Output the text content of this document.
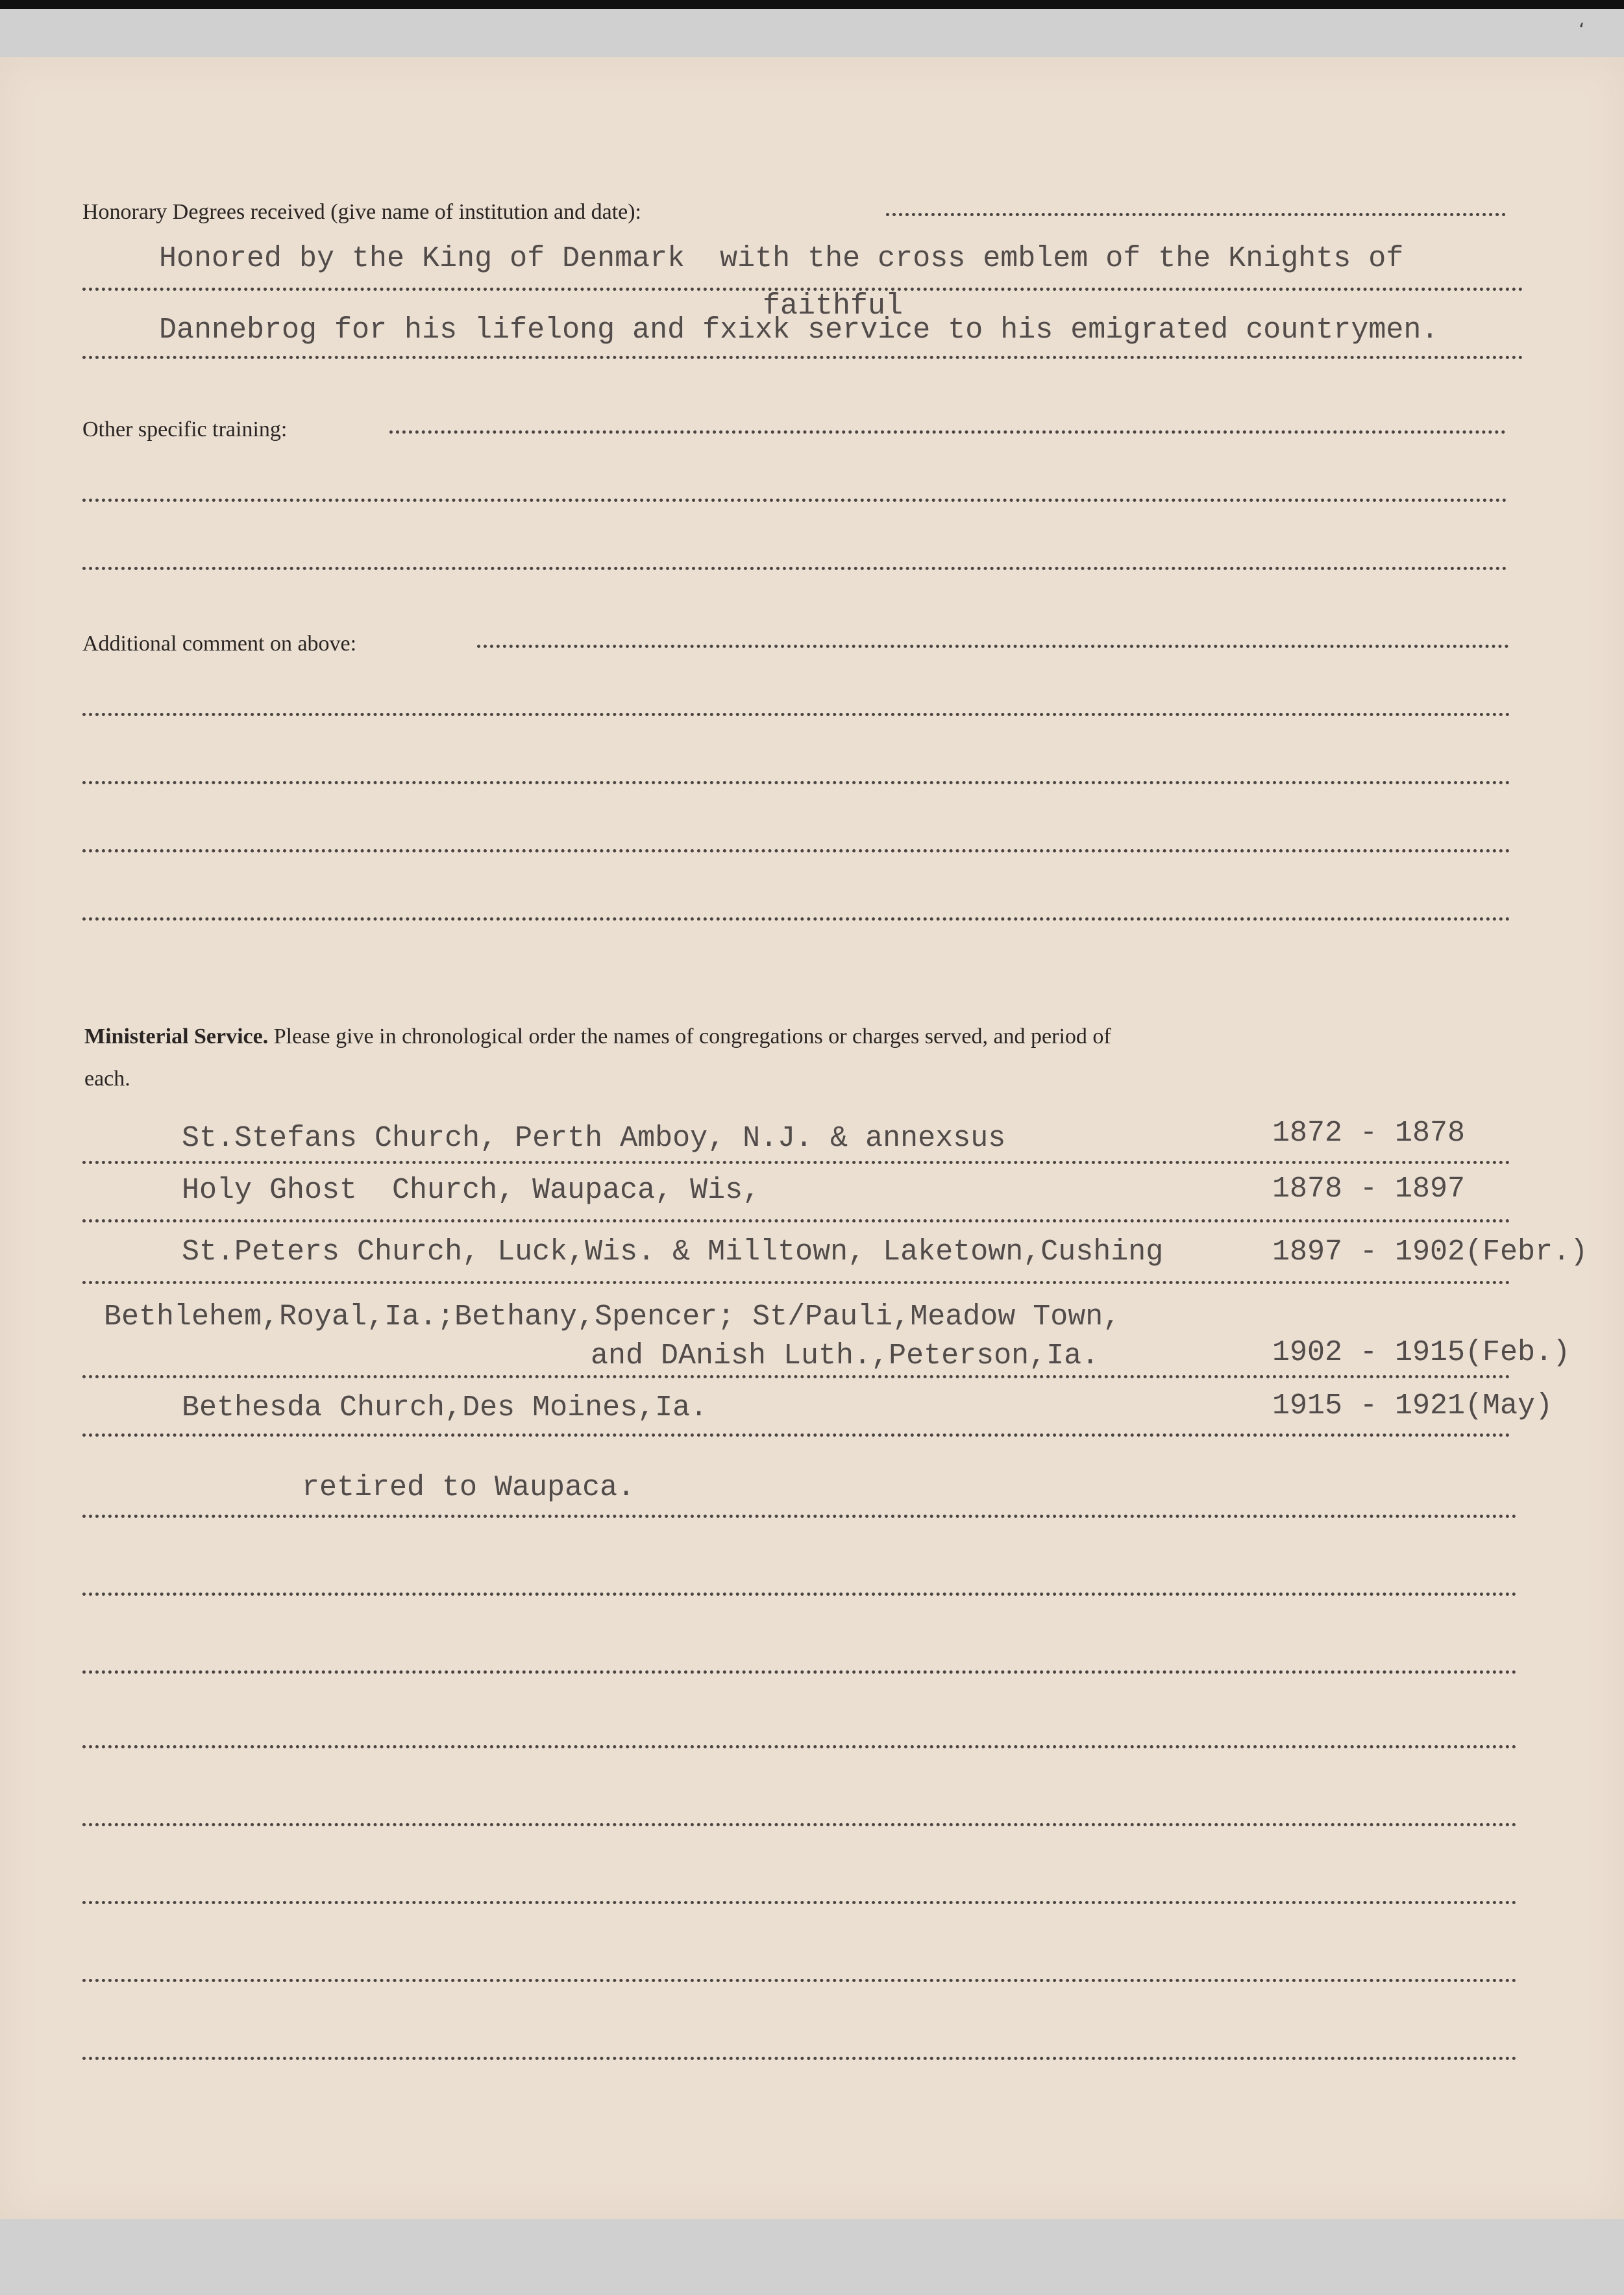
‘
Honorary Degrees received (give name of institution and date):
Honored by the King of Denmark  with the cross emblem of the Knights of
faithful
Dannebrog for his lifelong and fxixk service to his emigrated countrymen.
Other specific training:
Additional comment on above:
Ministerial Service. Please give in chronological order the names of congregations or charges served, and period of
each.
St.Stefans Church, Perth Amboy, N.J. & annexsus	1872 - 1878
Holy Ghost  Church, Waupaca, Wis,	1878 - 1897
St.Peters Church, Luck,Wis. & Milltown, Laketown,Cushing	1897 - 1902(Febr.)
Bethlehem,Royal,Ia.;Bethany,Spencer; St/Pauli,Meadow Town,
and DAnish Luth.,Peterson,Ia.	1902 - 1915(Feb.)
Bethesda Church,Des Moines,Ia.	1915 - 1921(May)
retired to Waupaca.
